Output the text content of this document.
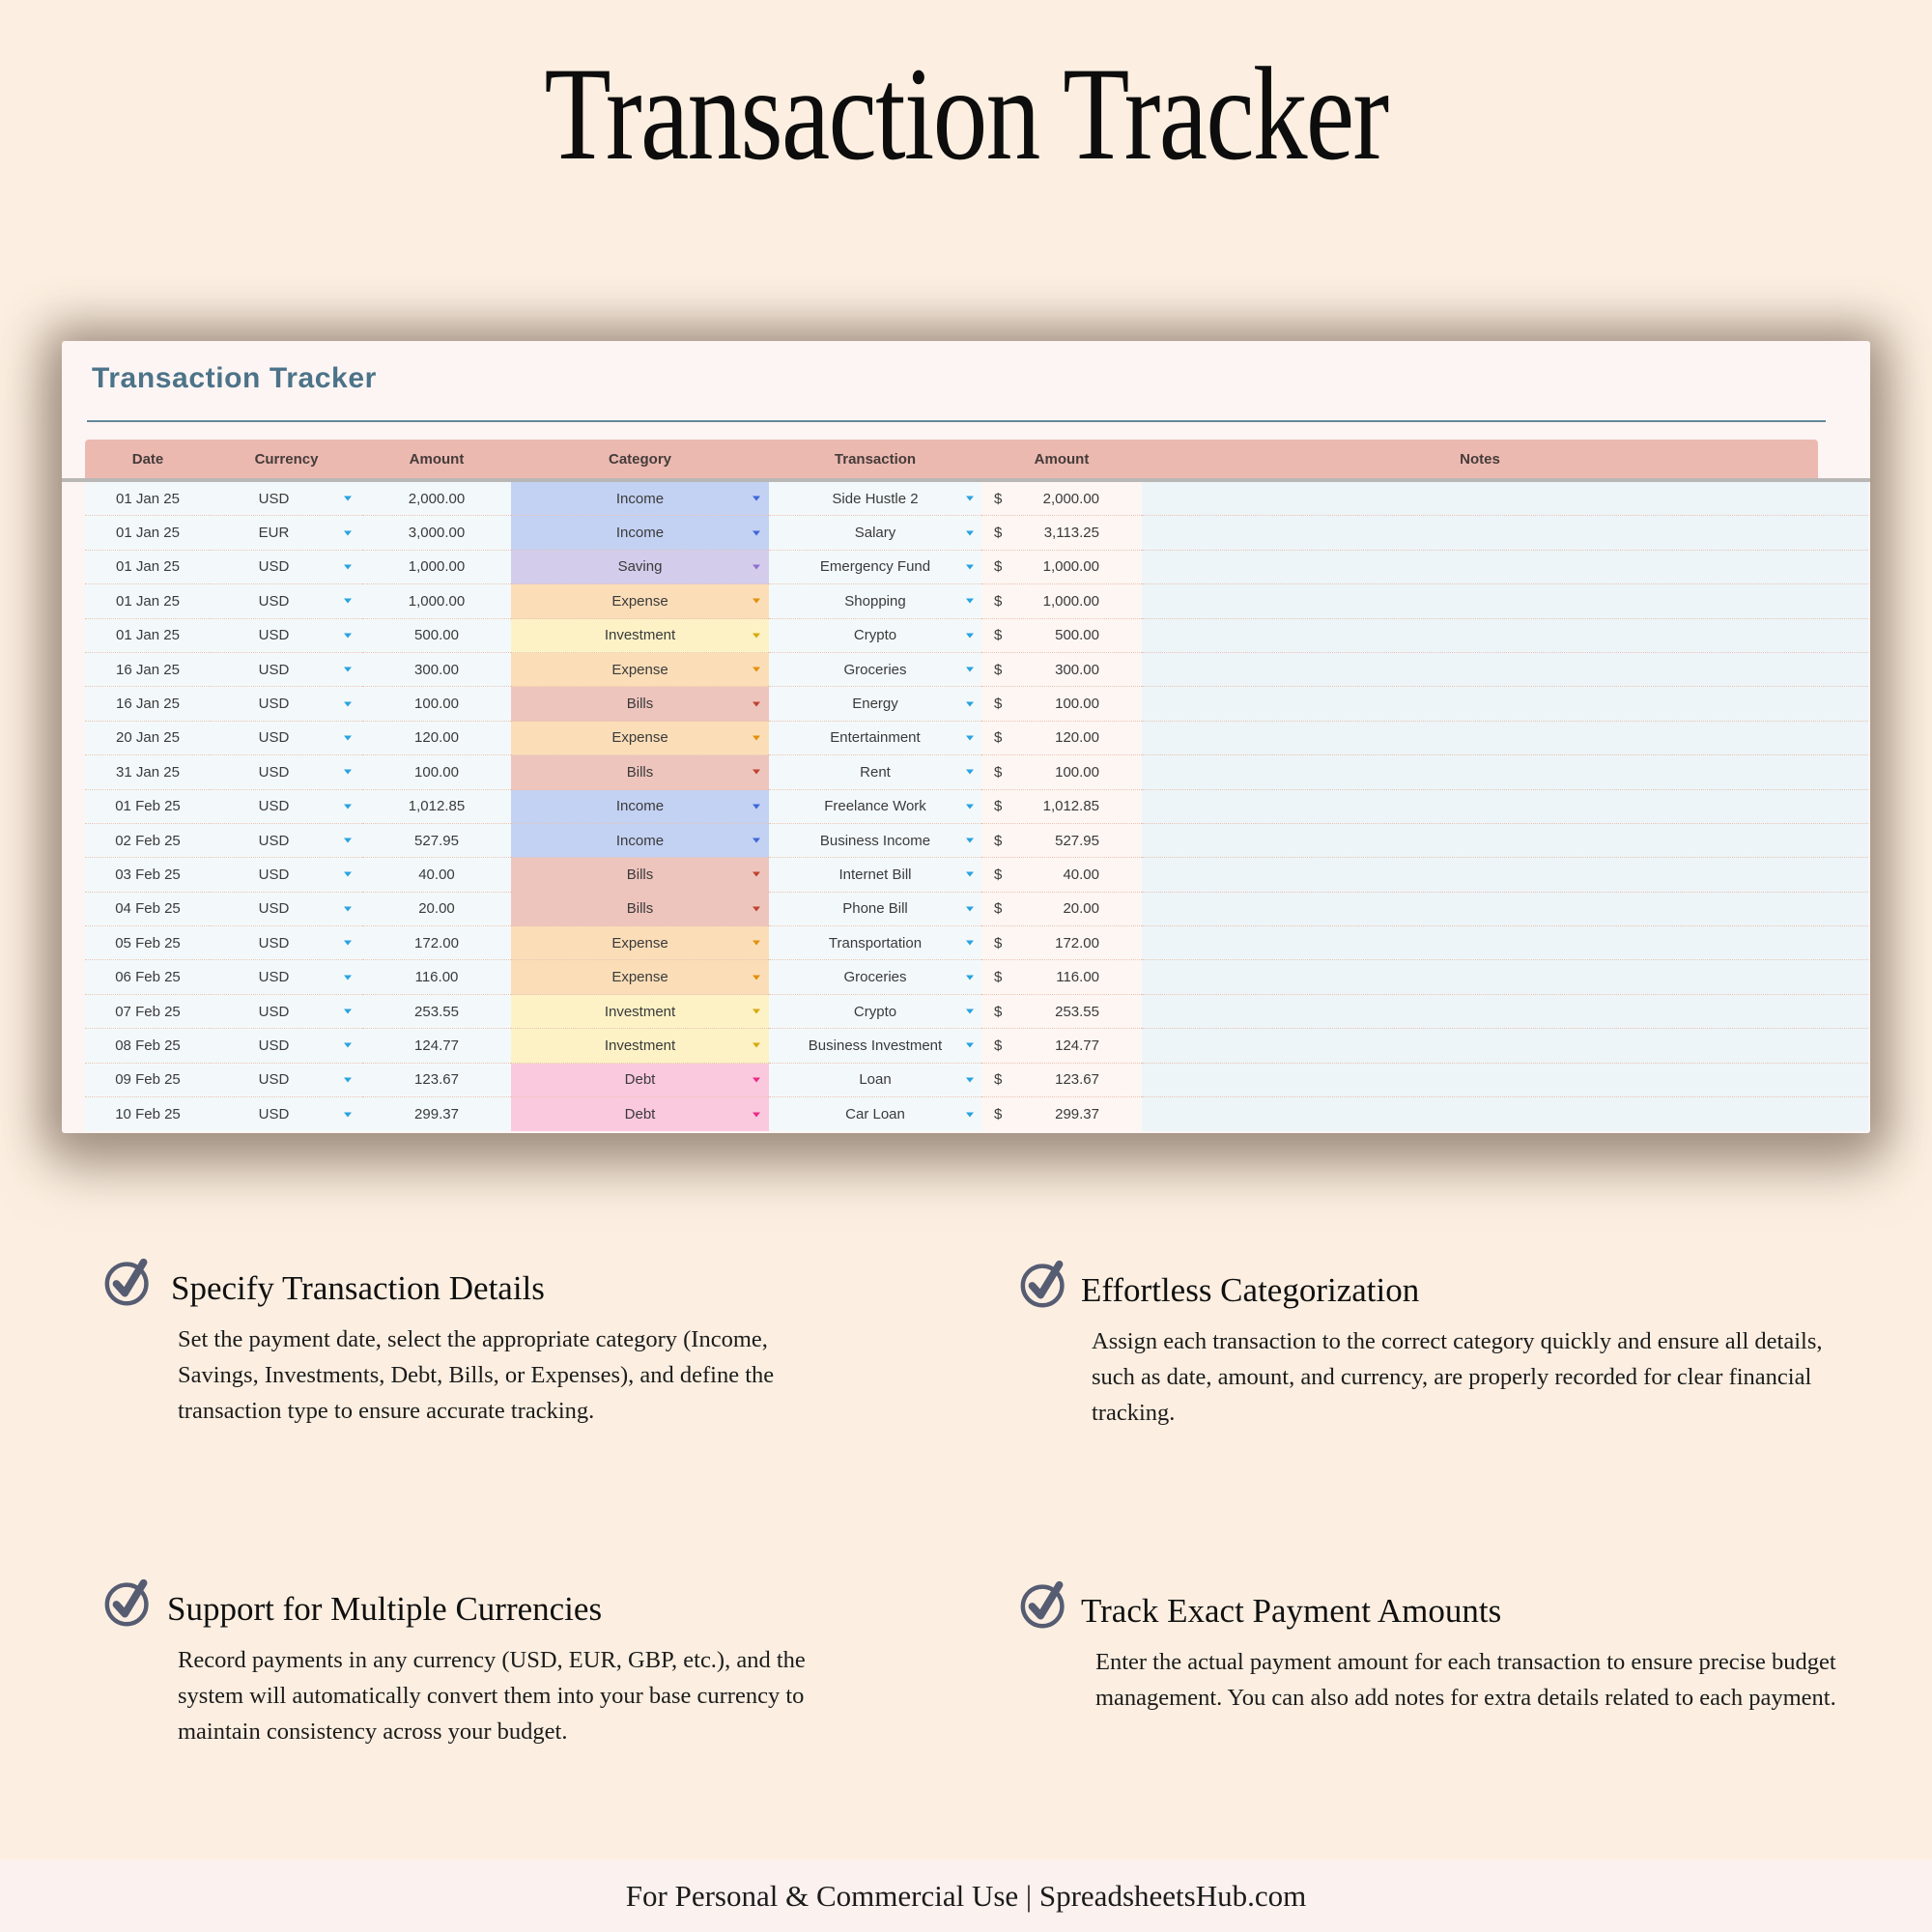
Transaction Tracker
Transaction Tracker
Date	Currency	Amount	Category	Transaction	Amount	Notes
01 Jan 25	USD	2,000.00	Income	Side Hustle 2	$	2,000.00
01 Jan 25	EUR	3,000.00	Income	Salary	$	3,113.25
01 Jan 25	USD	1,000.00	Saving	Emergency Fund	$	1,000.00
01 Jan 25	USD	1,000.00	Expense	Shopping	$	1,000.00
01 Jan 25	USD	500.00	Investment	Crypto	$	500.00
16 Jan 25	USD	300.00	Expense	Groceries	$	300.00
16 Jan 25	USD	100.00	Bills	Energy	$	100.00
20 Jan 25	USD	120.00	Expense	Entertainment	$	120.00
31 Jan 25	USD	100.00	Bills	Rent	$	100.00
01 Feb 25	USD	1,012.85	Income	Freelance Work	$	1,012.85
02 Feb 25	USD	527.95	Income	Business Income	$	527.95
03 Feb 25	USD	40.00	Bills	Internet Bill	$	40.00
04 Feb 25	USD	20.00	Bills	Phone Bill	$	20.00
05 Feb 25	USD	172.00	Expense	Transportation	$	172.00
06 Feb 25	USD	116.00	Expense	Groceries	$	116.00
07 Feb 25	USD	253.55	Investment	Crypto	$	253.55
08 Feb 25	USD	124.77	Investment	Business Investment	$	124.77
09 Feb 25	USD	123.67	Debt	Loan	$	123.67
10 Feb 25	USD	299.37	Debt	Car Loan	$	299.37
Specify Transaction Details
Set the payment date, select the appropriate category (Income, Savings, Investments, Debt, Bills, or Expenses), and define the transaction type to ensure accurate tracking.
Effortless Categorization
Assign each transaction to the correct category quickly and ensure all details, such as date, amount, and currency, are properly recorded for clear financial tracking.
Support for Multiple Currencies
Record payments in any currency (USD, EUR, GBP, etc.), and the system will automatically convert them into your base currency to maintain consistency across your budget.
Track Exact Payment Amounts
Enter the actual payment amount for each transaction to ensure precise budget management. You can also add notes for extra details related to each payment.
For Personal & Commercial Use | SpreadsheetsHub.com
